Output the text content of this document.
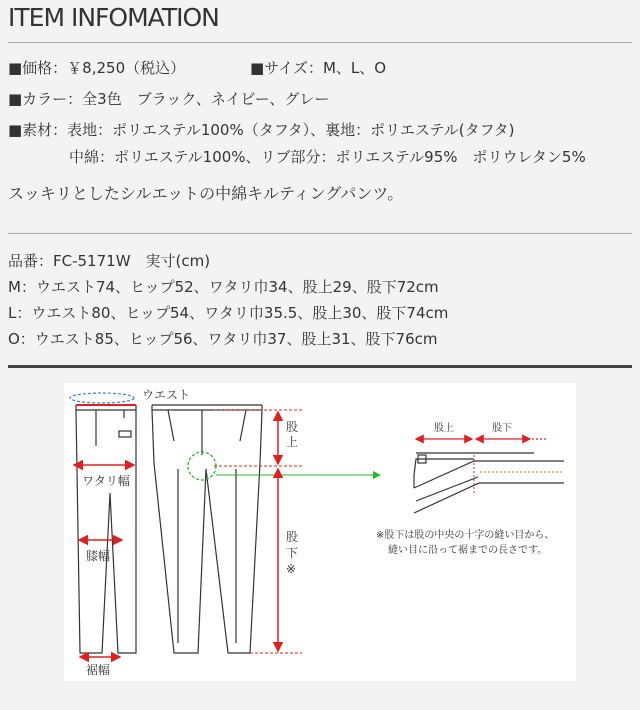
ITEM INFOMATION
■価格：￥8,250（税込）	■サイズ：M、L、O
■カラー：全3色　ブラック、ネイビー、グレー
■素材：表地：ポリエステル100%（タフタ）、裏地：ポリエステル(タフタ)
中綿：ポリエステル100%、リブ部分：ポリエステル95%　ポリウレタン5%
スッキリとしたシルエットの中綿キルティングパンツ。
品番：FC-5171W　実寸(cm)
M：ウエスト74、ヒップ52、ワタリ巾34、股上29、股下72cm
L：ウエスト80、ヒップ54、ワタリ巾35.5、股上30、股下74cm
O：ウエスト85、ヒップ56、ワタリ巾37、股上31、股下76cm
ウエスト
ワタリ幅
膝幅
裾幅
股
上
股
下
※
股上	股下
※股下は股の中央の十字の縫い目から、
縫い目に沿って裾までの長さです。
